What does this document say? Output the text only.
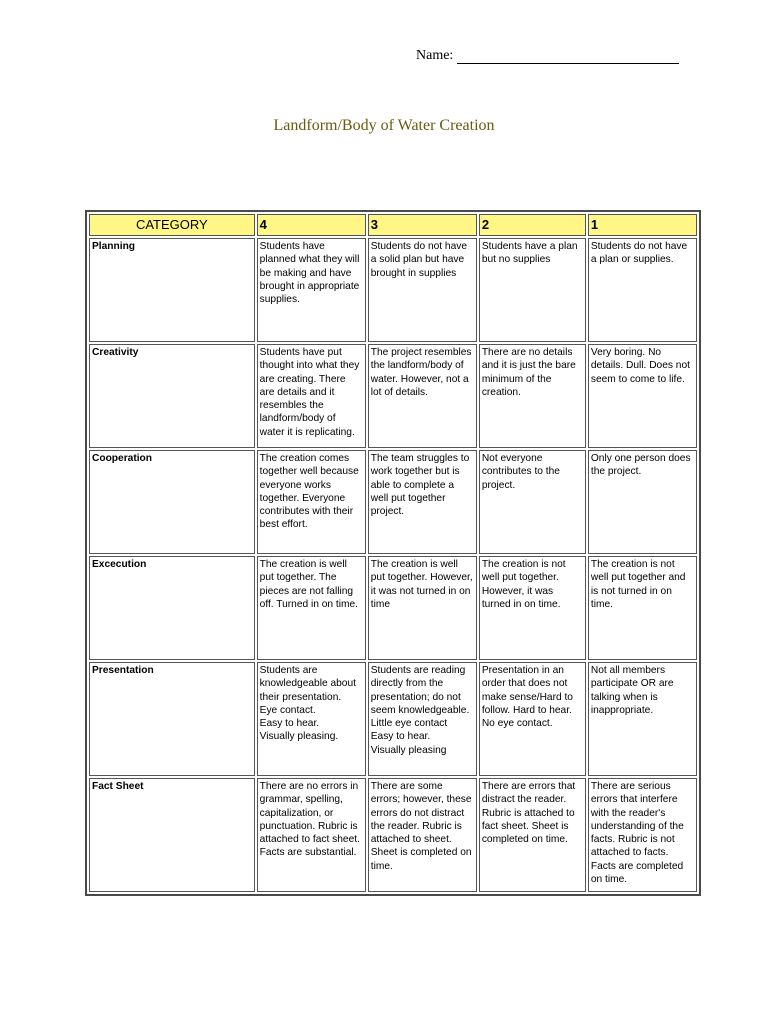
Name:
Landform/Body of Water Creation
CATEGORY	4	3	2	1
Planning	Students have planned what they will be making and have brought in appropriate supplies.	Students do not have a solid plan but have brought in supplies	Students have a plan but no supplies	Students do not have a plan or supplies.
Creativity	Students have put thought into what they are creating. There are details and it resembles the landform/body of water it is replicating.	The project resembles the landform/body of water. However, not a lot of details.	There are no details and it is just the bare minimum of the creation.	Very boring. No details. Dull. Does not seem to come to life.
Cooperation	The creation comes together well because everyone works together. Everyone contributes with their best effort.	The team struggles to work together but is able to complete a well put together project.	Not everyone contributes to the project.	Only one person does the project.
Excecution	The creation is well put together. The pieces are not falling off. Turned in on time.	The creation is well put together. However, it was not turned in on time	The creation is not well put together. However, it was turned in on time.	The creation is not well put together and is not turned in on time.
Presentation	Students are knowledgeable about their presentation.
Eye contact.
Easy to hear.
Visually pleasing.	Students are reading directly from the presentation; do not seem knowledgeable.
Little eye contact
Easy to hear.
Visually pleasing	Presentation in an order that does not make sense/Hard to follow. Hard to hear. No eye contact.	Not all members participate OR are talking when is inappropriate.
Fact Sheet	There are no errors in grammar, spelling, capitalization, or punctuation. Rubric is attached to fact sheet. Facts are substantial.	There are some errors; however, these errors do not distract the reader. Rubric is attached to sheet. Sheet is completed on time.	There are errors that distract the reader. Rubric is attached to fact sheet. Sheet is completed on time.	There are serious errors that interfere with the reader's understanding of the facts. Rubric is not attached to facts. Facts are completed on time.
